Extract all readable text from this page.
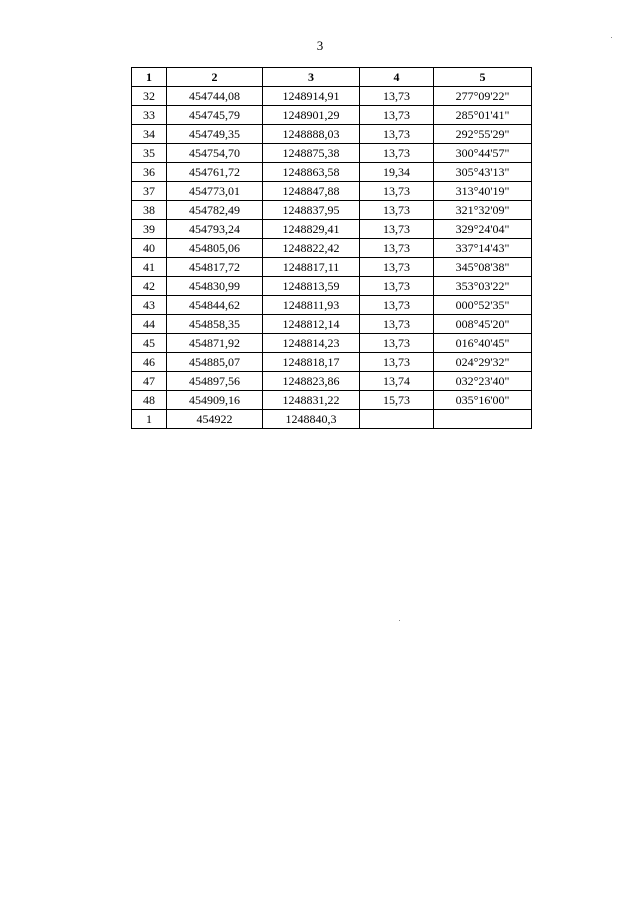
3
1	2	3	4	5
32	454744,08	1248914,91	13,73	277°09'22"
33	454745,79	1248901,29	13,73	285°01'41"
34	454749,35	1248888,03	13,73	292°55'29"
35	454754,70	1248875,38	13,73	300°44'57"
36	454761,72	1248863,58	19,34	305°43'13"
37	454773,01	1248847,88	13,73	313°40'19"
38	454782,49	1248837,95	13,73	321°32'09"
39	454793,24	1248829,41	13,73	329°24'04"
40	454805,06	1248822,42	13,73	337°14'43"
41	454817,72	1248817,11	13,73	345°08'38"
42	454830,99	1248813,59	13,73	353°03'22"
43	454844,62	1248811,93	13,73	000°52'35"
44	454858,35	1248812,14	13,73	008°45'20"
45	454871,92	1248814,23	13,73	016°40'45"
46	454885,07	1248818,17	13,73	024°29'32"
47	454897,56	1248823,86	13,74	032°23'40"
48	454909,16	1248831,22	15,73	035°16'00"
1	454922	1248840,3		
